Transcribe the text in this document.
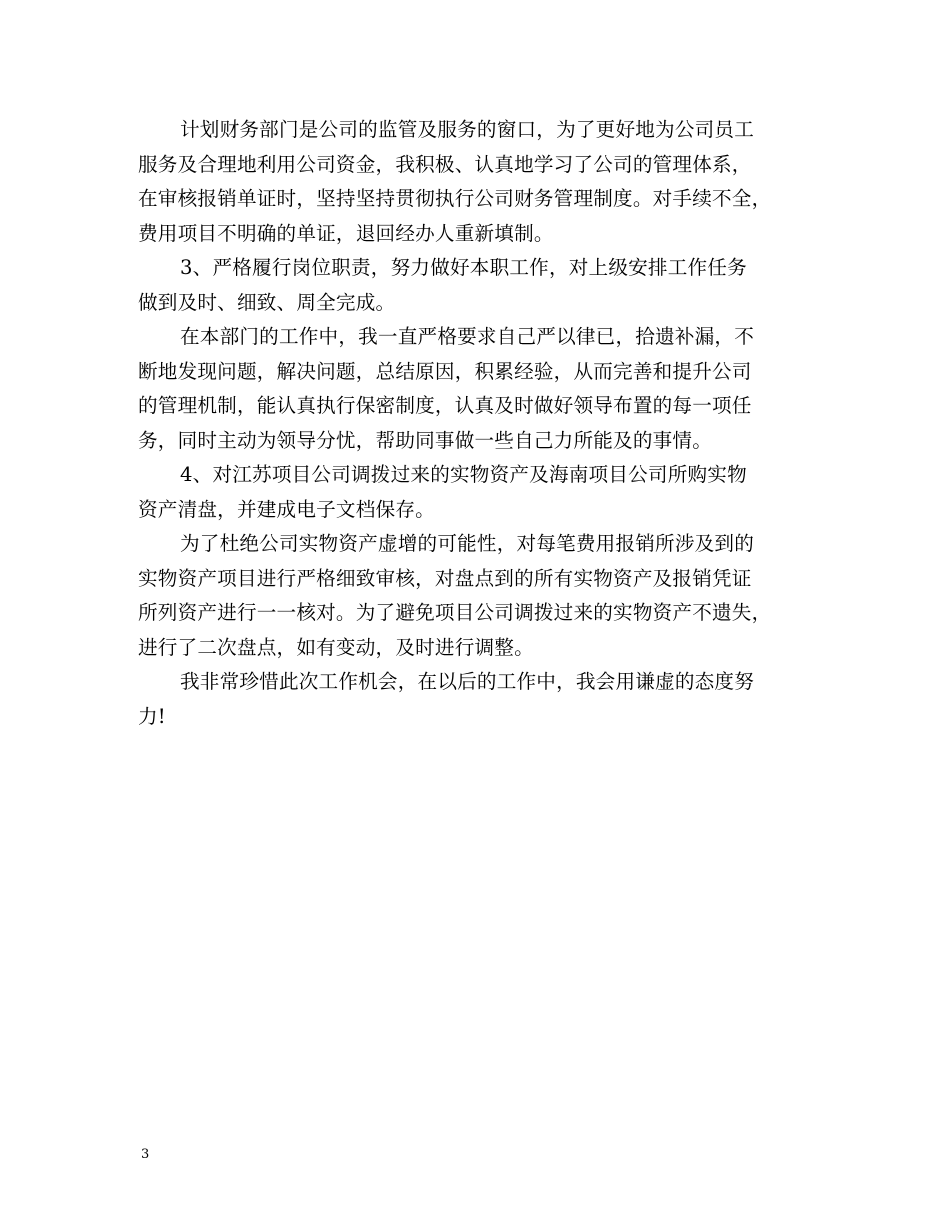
计划财务部门是公司的监管及服务的窗口，为了更好地为公司员工
服务及合理地利用公司资金，我积极、认真地学习了公司的管理体系，
在审核报销单证时，坚持坚持贯彻执行公司财务管理制度。对手续不全，
费用项目不明确的单证，退回经办人重新填制。
3、严格履行岗位职责，努力做好本职工作，对上级安排工作任务
做到及时、细致、周全完成。
在本部门的工作中，我一直严格要求自己严以律已，拾遗补漏，不
断地发现问题，解决问题，总结原因，积累经验，从而完善和提升公司
的管理机制，能认真执行保密制度，认真及时做好领导布置的每一项任
务，同时主动为领导分忧，帮助同事做一些自己力所能及的事情。
4、对江苏项目公司调拨过来的实物资产及海南项目公司所购实物
资产清盘，并建成电子文档保存。
为了杜绝公司实物资产虚增的可能性，对每笔费用报销所涉及到的
实物资产项目进行严格细致审核，对盘点到的所有实物资产及报销凭证
所列资产进行一一核对。为了避免项目公司调拨过来的实物资产不遗失，
进行了二次盘点，如有变动，及时进行调整。
我非常珍惜此次工作机会，在以后的工作中，我会用谦虚的态度努
力!
3
